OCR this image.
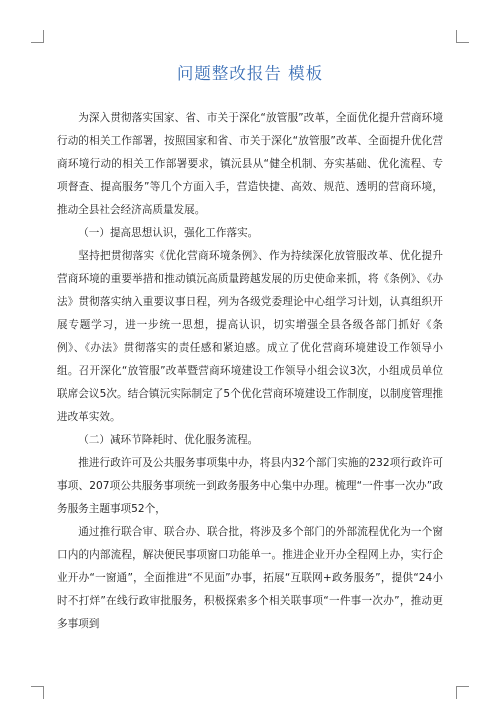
问题整改报告 模板

为深入贯彻落实国家、省、市关于深化“放管服”改革，全面优化提升营商环境行动的相关工作部署，按照国家和省、市关于深化“放管服”改革、全面提升优化营商环境行动的相关工作部署要求，镇沅县从“健全机制、夯实基础、优化流程、专项督查、提高服务”等几个方面入手，营造快捷、高效、规范、透明的营商环境，推动全县社会经济高质量发展。

（一）提高思想认识，强化工作落实。

坚持把贯彻落实《优化营商环境条例》、作为持续深化放管服改革、优化提升营商环境的重要举措和推动镇沅高质量跨越发展的历史使命来抓，将《条例》、《办法》贯彻落实纳入重要议事日程，列为各级党委理论中心组学习计划，认真组织开展专题学习，进一步统一思想，提高认识，切实增强全县各级各部门抓好《条例》、《办法》贯彻落实的责任感和紧迫感。成立了优化营商环境建设工作领导小组。召开深化“放管服”改革暨营商环境建设工作领导小组会议3次，小组成员单位联席会议5次。结合镇沅实际制定了5个优化营商环境建设工作制度，以制度管理推进改革实效。

（二）减环节降耗时、优化服务流程。

推进行政许可及公共服务事项集中办，将县内32个部门实施的232项行政许可事项、207项公共服务事项统一到政务服务中心集中办理。梳理“一件事一次办”政务服务主题事项52个，

通过推行联合审、联合办、联合批，将涉及多个部门的外部流程优化为一个窗口内的内部流程，解决便民事项窗口功能单一。推进企业开办全程网上办，实行企业开办“一窗通”，全面推进“不见面”办事，拓展“互联网+政务服务”，提供“24小时不打烊”在线行政审批服务，积极探索多个相关联事项“一件事一次办”，推动更多事项到
